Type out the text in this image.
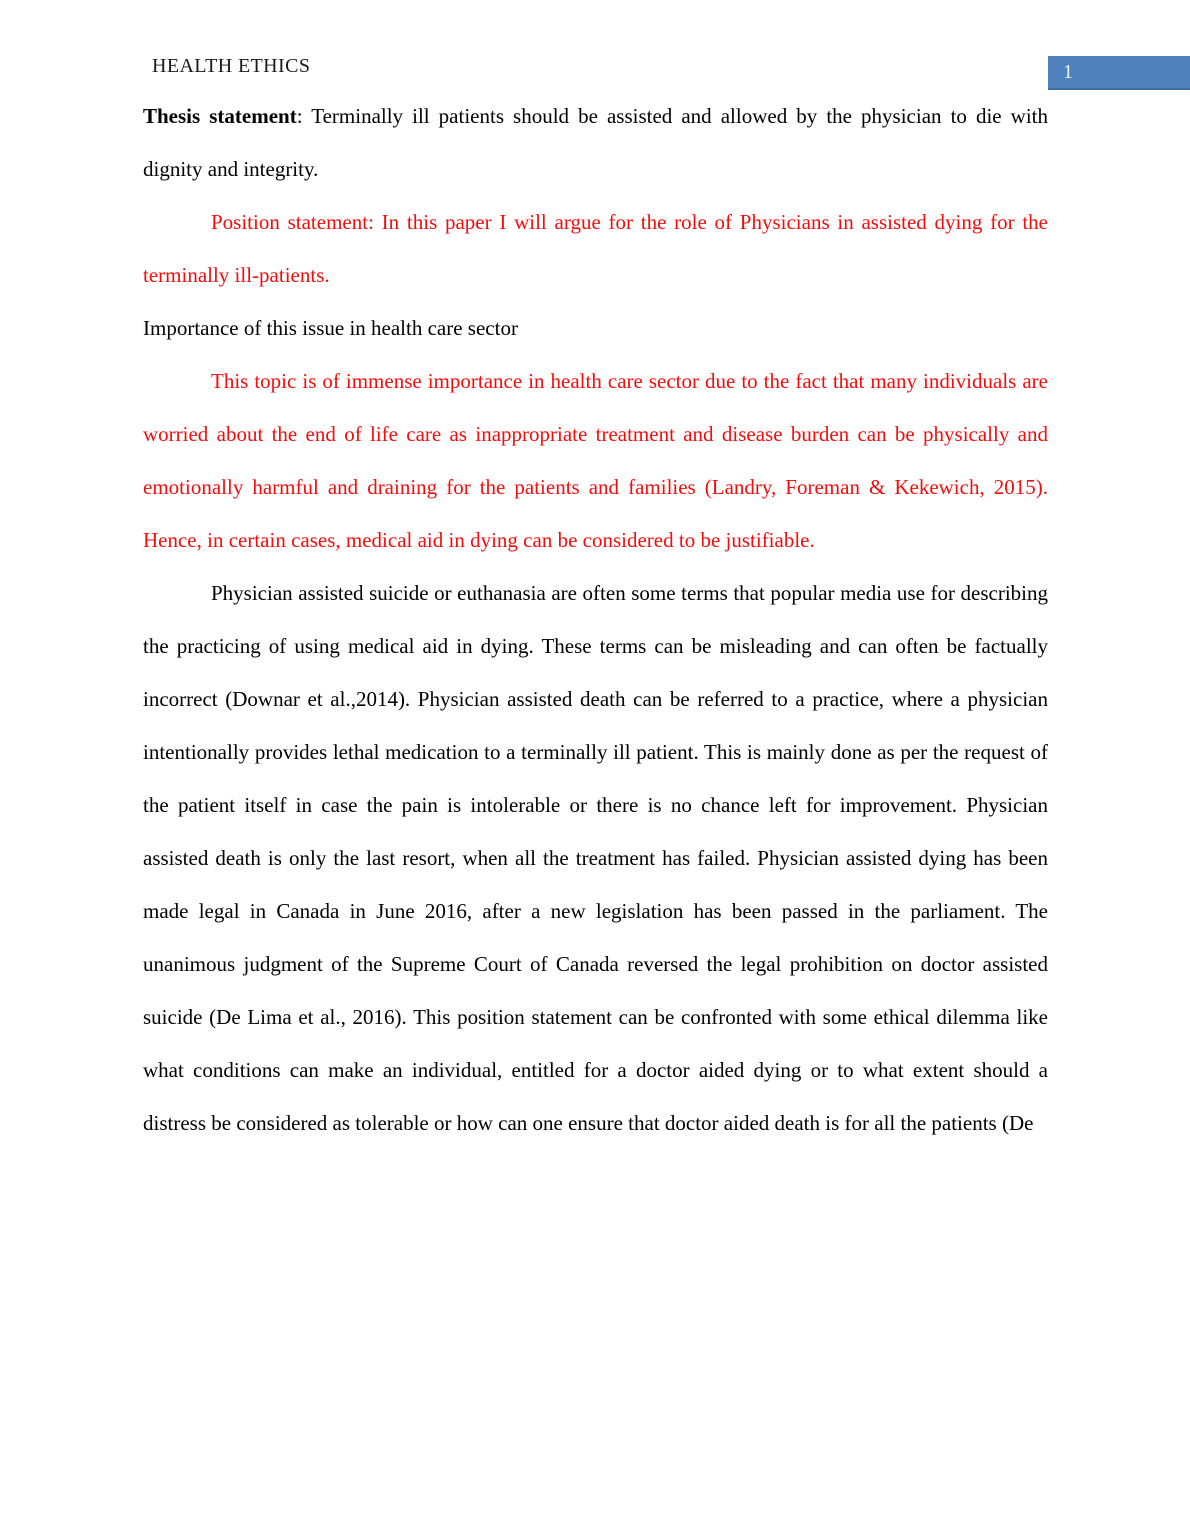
HEALTH ETHICS	1

Thesis statement: Terminally ill patients should be assisted and allowed by the physician to die with dignity and integrity.

Position statement: In this paper I will argue for the role of Physicians in assisted dying for the terminally ill-patients.

Importance of this issue in health care sector

This topic is of immense importance in health care sector due to the fact that many individuals are worried about the end of life care as inappropriate treatment and disease burden can be physically and emotionally harmful and draining for the patients and families (Landry, Foreman & Kekewich, 2015). Hence, in certain cases, medical aid in dying can be considered to be justifiable.

Physician assisted suicide or euthanasia are often some terms that popular media use for describing the practicing of using medical aid in dying. These terms can be misleading and can often be factually incorrect (Downar et al.,2014). Physician assisted death can be referred to a practice, where a physician intentionally provides lethal medication to a terminally ill patient. This is mainly done as per the request of the patient itself in case the pain is intolerable or there is no chance left for improvement. Physician assisted death is only the last resort, when all the treatment has failed. Physician assisted dying has been made legal in Canada in June 2016, after a new legislation has been passed in the parliament. The unanimous judgment of the Supreme Court of Canada reversed the legal prohibition on doctor assisted suicide (De Lima et al., 2016). This position statement can be confronted with some ethical dilemma like what conditions can make an individual, entitled for a doctor aided dying or to what extent should a distress be considered as tolerable or how can one ensure that doctor aided death is for all the patients (De
